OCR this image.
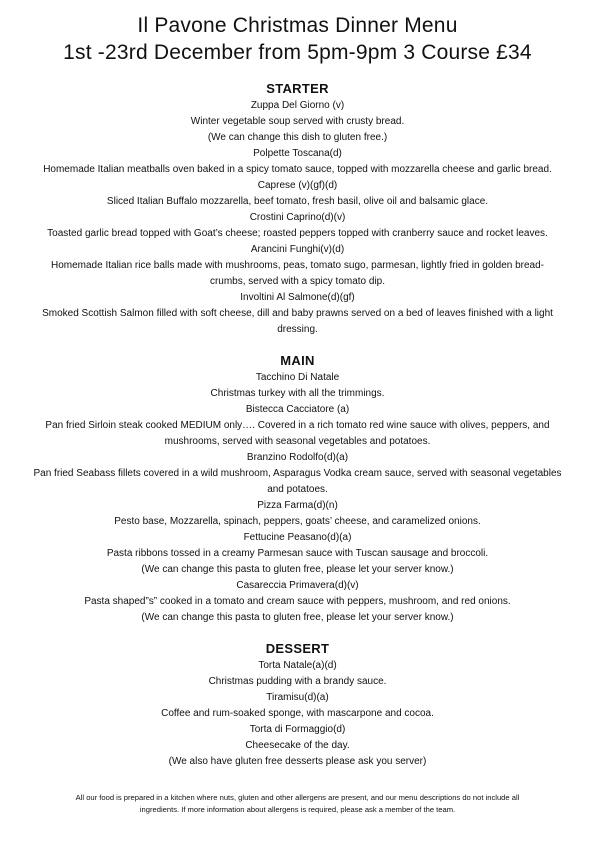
Il Pavone Christmas Dinner Menu
1st -23rd December from 5pm-9pm 3 Course £34
STARTER

Zuppa Del Giorno (v)

Winter vegetable soup served with crusty bread.

(We can change this dish to gluten free.)

Polpette Toscana(d)

Homemade Italian meatballs oven baked in a spicy tomato sauce, topped with mozzarella cheese and garlic bread.

Caprese (v)(gf)(d)

Sliced Italian Buffalo mozzarella, beef tomato, fresh basil, olive oil and balsamic glace.

Crostini Caprino(d)(v)

Toasted garlic bread topped with Goat’s cheese; roasted peppers topped with cranberry sauce and rocket leaves.

Arancini Funghi(v)(d)

Homemade Italian rice balls made with mushrooms, peas, tomato sugo, parmesan, lightly fried in golden bread-

crumbs, served with a spicy tomato dip.

Involtini Al Salmone(d)(gf)

Smoked Scottish Salmon filled with soft cheese, dill and baby prawns served on a bed of leaves finished with a light

dressing.

MAIN

Tacchino Di Natale

Christmas turkey with all the trimmings.

Bistecca Cacciatore (a)

Pan fried Sirloin steak cooked MEDIUM only…. Covered in a rich tomato red wine sauce with olives, peppers, and

mushrooms, served with seasonal vegetables and potatoes.

Branzino Rodolfo(d)(a)

Pan fried Seabass fillets covered in a wild mushroom, Asparagus Vodka cream sauce, served with seasonal vegetables

and potatoes.

Pizza Farma(d)(n)

Pesto base, Mozzarella, spinach, peppers, goats’ cheese, and caramelized onions.

Fettucine Peasano(d)(a)

Pasta ribbons tossed in a creamy Parmesan sauce with Tuscan sausage and broccoli.

(We can change this pasta to gluten free, please let your server know.)

Casareccia Primavera(d)(v)

Pasta shaped”s” cooked in a tomato and cream sauce with peppers, mushroom, and red onions.

(We can change this pasta to gluten free, please let your server know.)

DESSERT

Torta Natale(a)(d)

Christmas pudding with a brandy sauce.

Tiramisu(d)(a)

Coffee and rum-soaked sponge, with mascarpone and cocoa.

Torta di Formaggio(d)

Cheesecake of the day.

(We also have gluten free desserts please ask you server)

All our food is prepared in a kitchen where nuts, gluten and other allergens are present, and our menu descriptions do not include all
ingredients. If more information about allergens is required, please ask a member of the team.
